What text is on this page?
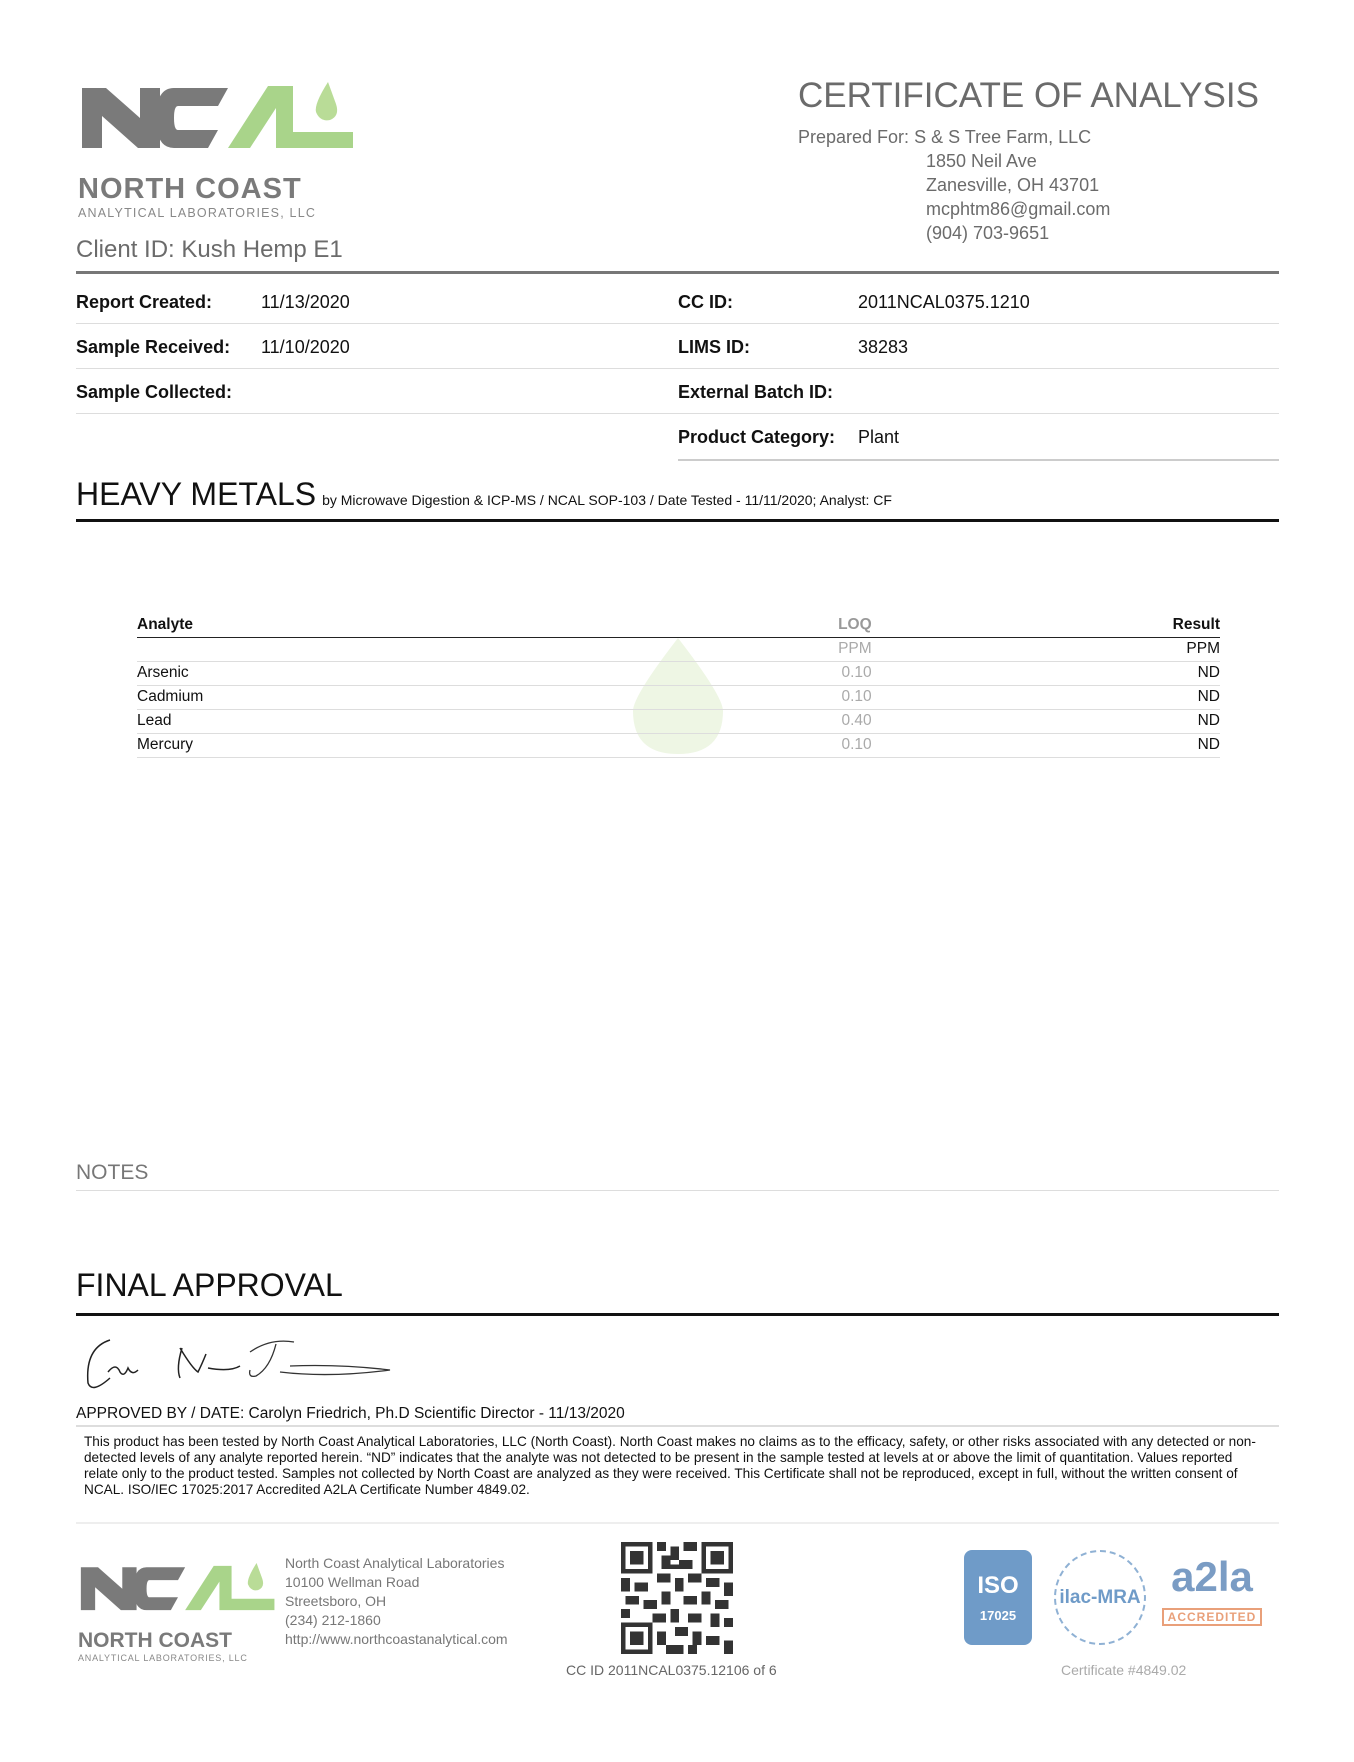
NORTH COAST
ANALYTICAL LABORATORIES, LLC
CERTIFICATE OF ANALYSIS
Prepared For: S & S Tree Farm, LLC
1850 Neil Ave
Zanesville, OH 43701
mcphtm86@gmail.com
(904) 703-9651
Client ID: Kush Hemp E1
Report Created:	11/13/2020	CC ID:	2011NCAL0375.1210
Sample Received: 11/10/2020	LIMS ID:	38283
Sample Collected:	External Batch ID:
Product Category: Plant
HEAVY METALS by Microwave Digestion & ICP-MS / NCAL SOP-103 / Date Tested - 11/11/2020; Analyst: CF
Analyte	LOQ	Result
	PPM	PPM
Arsenic	0.10	ND
Cadmium	0.10	ND
Lead	0.40	ND
Mercury	0.10	ND
NOTES
FINAL APPROVAL
APPROVED BY / DATE: Carolyn Friedrich, Ph.D Scientific Director - 11/13/2020
This product has been tested by North Coast Analytical Laboratories, LLC (North Coast). North Coast makes no claims as to the efficacy, safety, or other risks associated with any detected or non-detected levels of any analyte reported herein. “ND” indicates that the analyte was not detected to be present in the sample tested at levels at or above the limit of quantitation. Values reported relate only to the product tested. Samples not collected by North Coast are analyzed as they were received. This Certificate shall not be reproduced, except in full, without the written consent of NCAL. ISO/IEC 17025:2017 Accredited A2LA Certificate Number 4849.02.
NORTH COAST
ANALYTICAL LABORATORIES, LLC
North Coast Analytical Laboratories
10100 Wellman Road
Streetsboro, OH
(234) 212-1860
http://www.northcoastanalytical.com
CC ID 2011NCAL0375.12106 of 6
ISO
17025
ilac-MRA a2la
ACCREDITED
Certificate #4849.02
